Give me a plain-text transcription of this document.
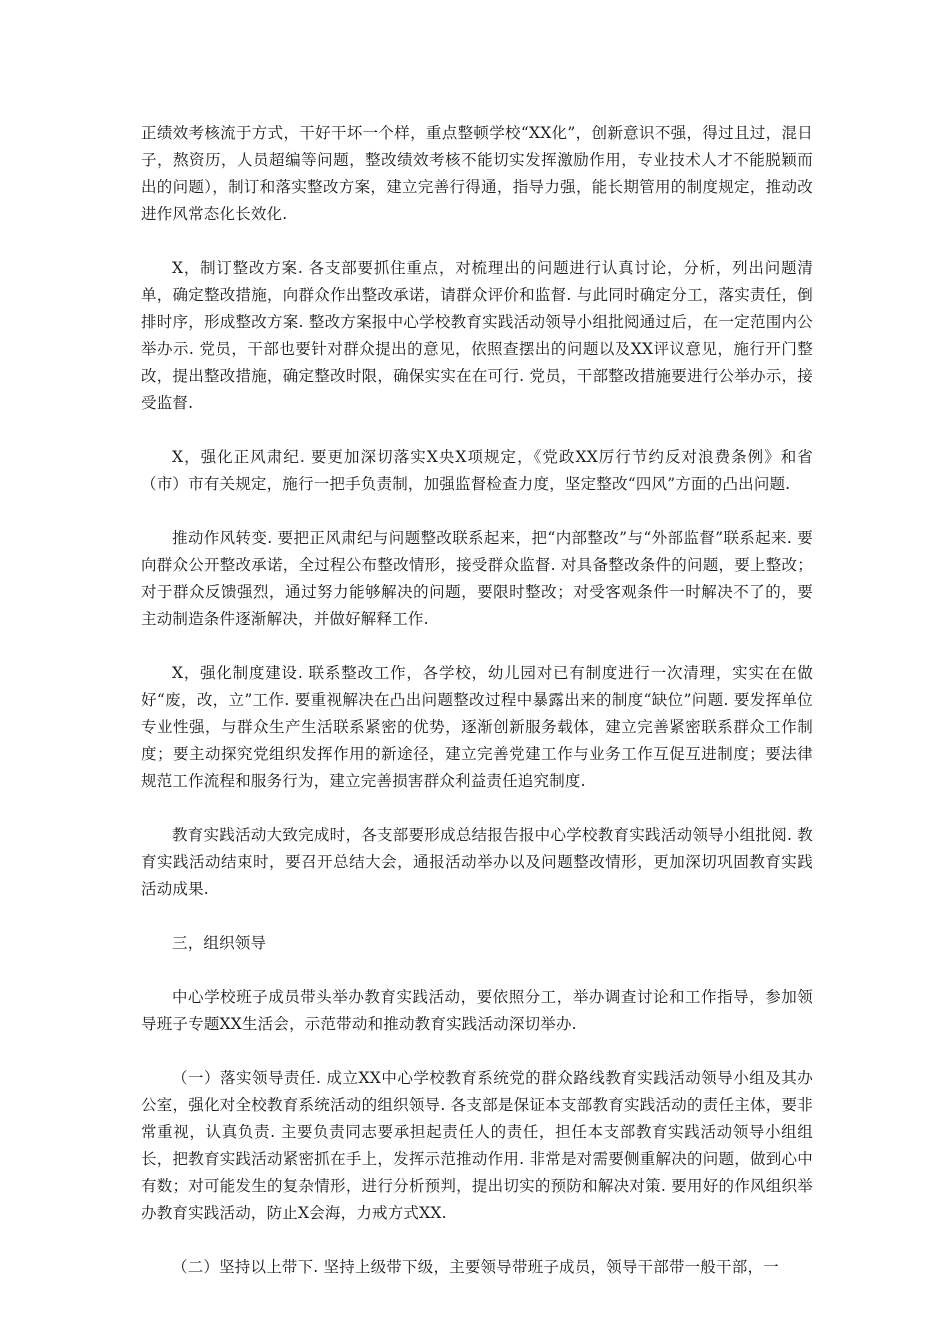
正绩效考核流于方式，干好干坏一个样，重点整顿学校“XX化”，创新意识不强，得过且过，混日子，熬资历，人员超编等问题，整改绩效考核不能切实发挥激励作用，专业技术人才不能脱颖而出的问题），制订和落实整改方案，建立完善行得通，指导力强，能长期管用的制度规定，推动改进作风常态化长效化.

X，制订整改方案. 各支部要抓住重点，对梳理出的问题进行认真讨论，分析，列出问题清单，确定整改措施，向群众作出整改承诺，请群众评价和监督. 与此同时确定分工，落实责任，倒排时序，形成整改方案. 整改方案报中心学校教育实践活动领导小组批阅通过后，在一定范围内公举办示. 党员，干部也要针对群众提出的意见，依照查摆出的问题以及XX评议意见，施行开门整改，提出整改措施，确定整改时限，确保实实在在可行. 党员，干部整改措施要进行公举办示，接受监督.

X，强化正风肃纪. 要更加深切落实X央X项规定，《党政XX厉行节约反对浪费条例》和省（市）市有关规定，施行一把手负责制，加强监督检查力度，坚定整改“四风”方面的凸出问题.

推动作风转变. 要把正风肃纪与问题整改联系起来，把“内部整改”与“外部监督”联系起来. 要向群众公开整改承诺，全过程公布整改情形，接受群众监督. 对具备整改条件的问题，要上整改；对于群众反馈强烈，通过努力能够解决的问题，要限时整改；对受客观条件一时解决不了的，要主动制造条件逐渐解决，并做好解释工作.

X，强化制度建设. 联系整改工作，各学校，幼儿园对已有制度进行一次清理，实实在在做好“废，改，立”工作. 要重视解决在凸出问题整改过程中暴露出来的制度“缺位”问题. 要发挥单位专业性强，与群众生产生活联系紧密的优势，逐渐创新服务载体，建立完善紧密联系群众工作制度；要主动探究党组织发挥作用的新途径，建立完善党建工作与业务工作互促互进制度；要法律规范工作流程和服务行为，建立完善损害群众利益责任追究制度.

教育实践活动大致完成时，各支部要形成总结报告报中心学校教育实践活动领导小组批阅. 教育实践活动结束时，要召开总结大会，通报活动举办以及问题整改情形，更加深切巩固教育实践活动成果.

三，组织领导

中心学校班子成员带头举办教育实践活动，要依照分工，举办调查讨论和工作指导，参加领导班子专题XX生活会，示范带动和推动教育实践活动深切举办.

（一）落实领导责任. 成立XX中心学校教育系统党的群众路线教育实践活动领导小组及其办公室，强化对全校教育系统活动的组织领导. 各支部是保证本支部教育实践活动的责任主体，要非常重视，认真负责. 主要负责同志要承担起责任人的责任，担任本支部教育实践活动领导小组组长，把教育实践活动紧密抓在手上，发挥示范推动作用. 非常是对需要侧重解决的问题，做到心中有数；对可能发生的复杂情形，进行分析预判，提出切实的预防和解决对策. 要用好的作风组织举办教育实践活动，防止X会海，力戒方式XX.

（二）坚持以上带下. 坚持上级带下级，主要领导带班子成员，领导干部带一般干部，一
